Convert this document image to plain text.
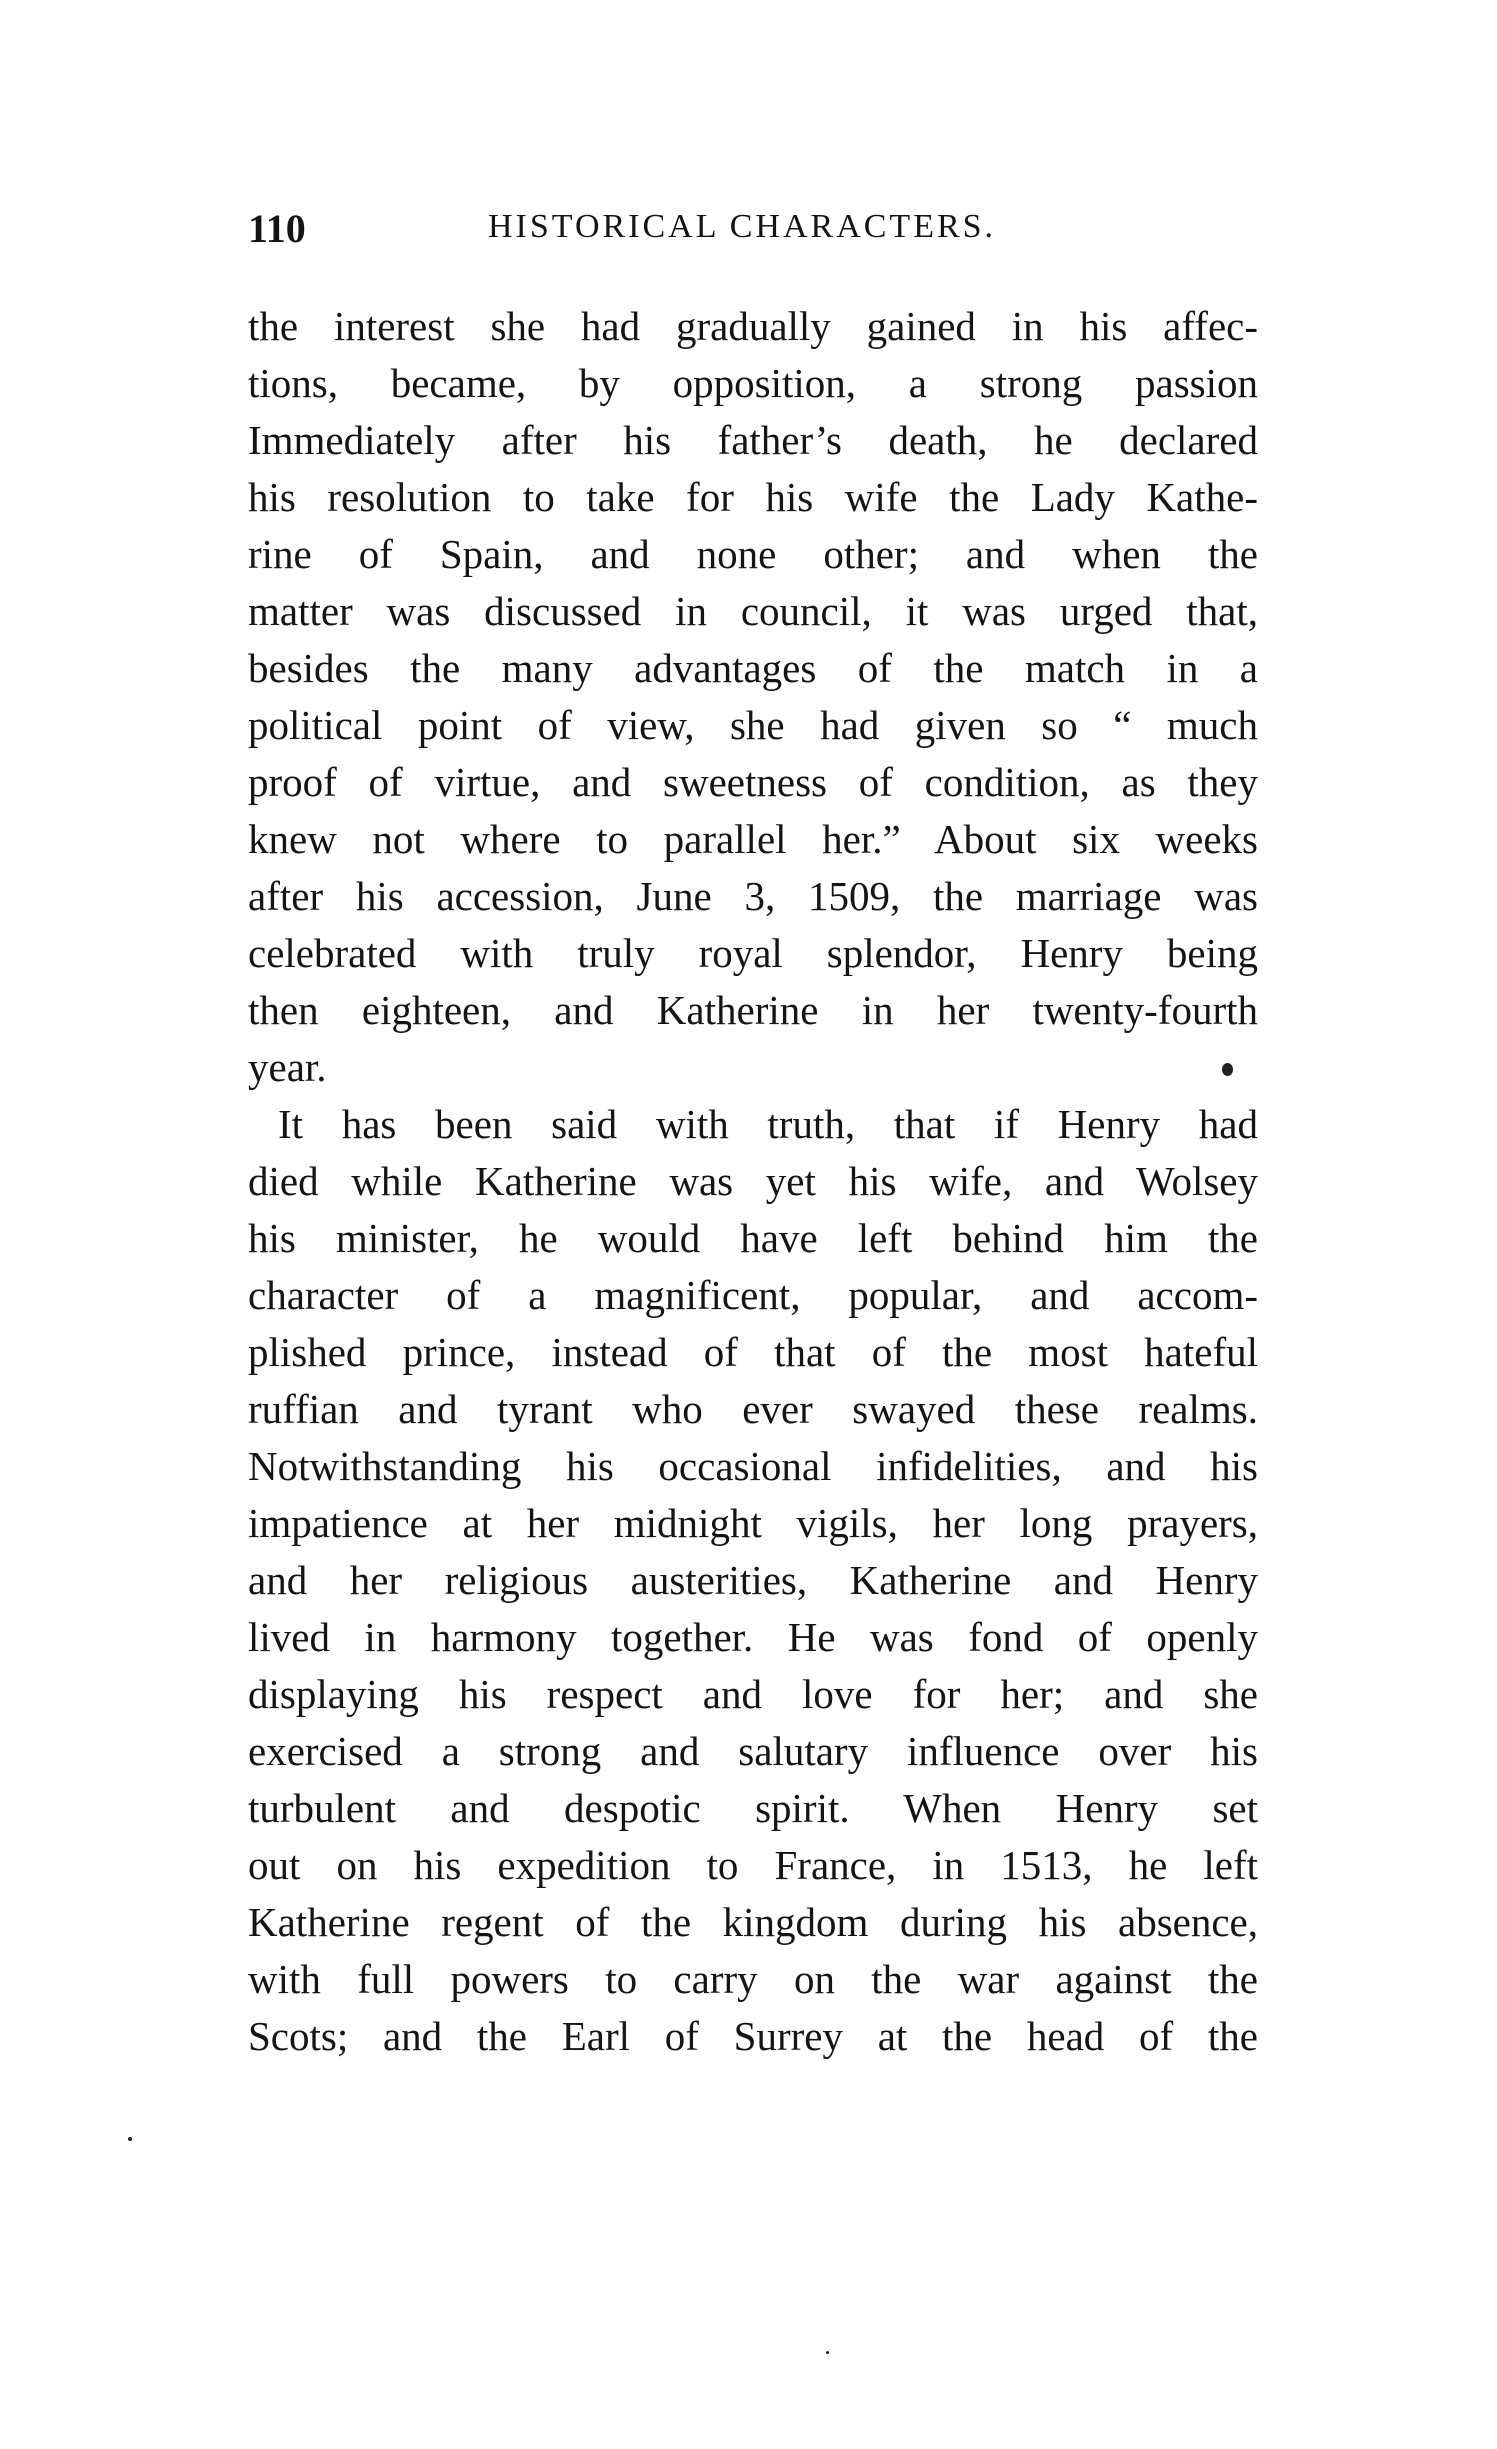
110	HISTORICAL CHARACTERS.
the interest she had gradually gained in his affec-
tions, became, by opposition, a strong passion
Immediately after his father’s death, he declared
his resolution to take for his wife the Lady Kathe-
rine of Spain, and none other; and when the
matter was discussed in council, it was urged that,
besides the many advantages of the match in a
political point of view, she had given so “ much
proof of virtue, and sweetness of condition, as they
knew not where to parallel her.” About six weeks
after his accession, June 3, 1509, the marriage was
celebrated with truly royal splendor, Henry being
then eighteen, and Katherine in her twenty-fourth
year.
It has been said with truth, that if Henry had
died while Katherine was yet his wife, and Wolsey
his minister, he would have left behind him the
character of a magnificent, popular, and accom-
plished prince, instead of that of the most hateful
ruffian and tyrant who ever swayed these realms.
Notwithstanding his occasional infidelities, and his
impatience at her midnight vigils, her long prayers,
and her religious austerities, Katherine and Henry
lived in harmony together. He was fond of openly
displaying his respect and love for her; and she
exercised a strong and salutary influence over his
turbulent and despotic spirit. When Henry set
out on his expedition to France, in 1513, he left
Katherine regent of the kingdom during his absence,
with full powers to carry on the war against the
Scots; and the Earl of Surrey at the head of the
